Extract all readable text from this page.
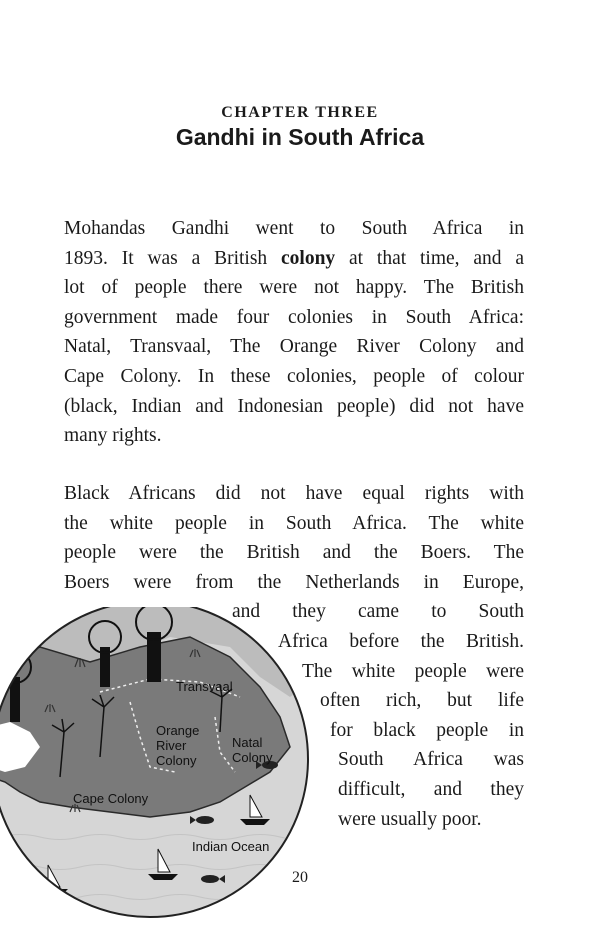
CHAPTER THREE
Gandhi in South Africa
Mohandas Gandhi went to South Africa in
1893. It was a British colony at that time, and a
lot of people there were not happy. The British
government made four colonies in South Africa:
Natal, Transvaal, The Orange River Colony and
Cape Colony. In these colonies, people of colour
(black, Indian and Indonesian people) did not have
many rights.
Black Africans did not have equal rights with
the white people in South Africa. The white
people were the British and the Boers. The
Boers were from the Netherlands in Europe,
and they came to South
Africa before the British.
The white people were
often rich, but life
for black people in
South Africa was
difficult, and they
were usually poor.
Transvaal
Orange
River
Colony
Natal
Colony
Cape Colony
Indian Ocean
20
